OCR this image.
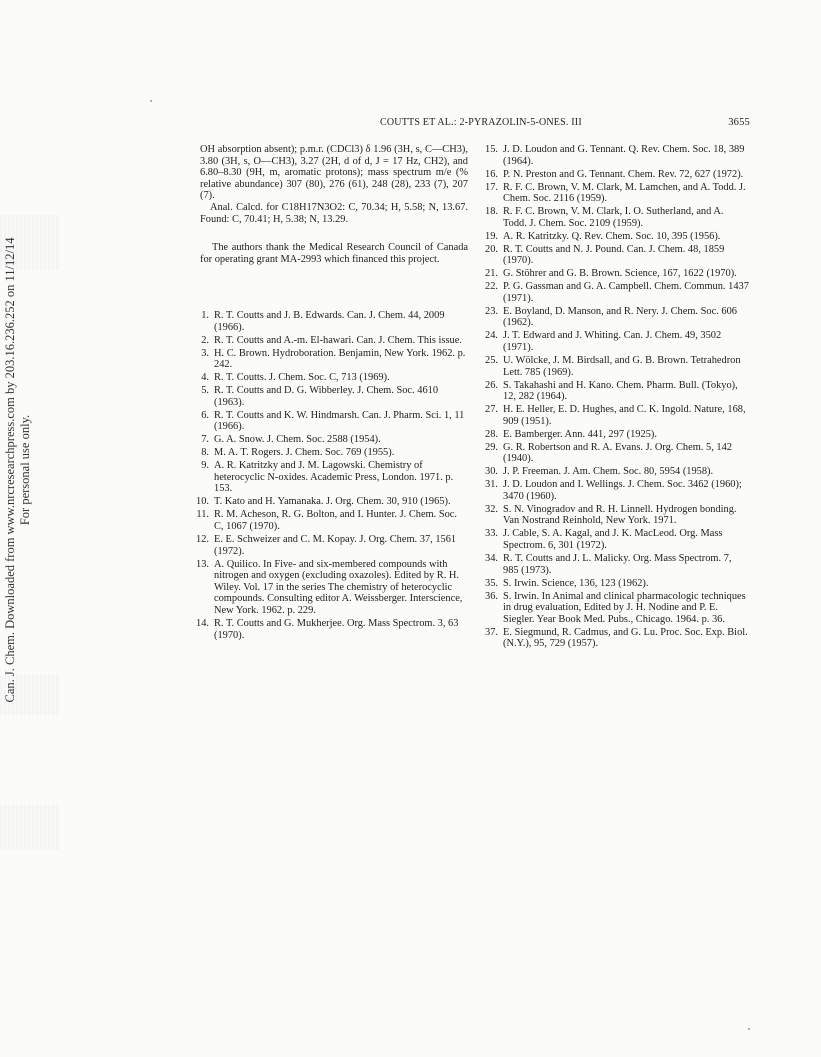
Can. J. Chem. Downloaded from www.nrcresearchpress.com by 203.16.236.252 on 11/12/14 For personal use only.
COUTTS ET AL.: 2-PYRAZOLIN-5-ONES. III	3655

OH absorption absent); p.m.r. (CDCl3) δ 1.96 (3H, s, C—CH3), 3.80 (3H, s, O—CH3), 3.27 (2H, d of d, J = 17 Hz, CH2), and 6.80–8.30 (9H, m, aromatic protons); mass spectrum m/e (% relative abundance) 307 (80), 276 (61), 248 (28), 233 (7), 207 (7).

Anal. Calcd. for C18H17N3O2: C, 70.34; H, 5.58; N, 13.67. Found: C, 70.41; H, 5.38; N, 13.29.

The authors thank the Medical Research Council of Canada for operating grant MA-2993 which financed this project.

1. R. T. Coutts and J. B. Edwards. Can. J. Chem. 44, 2009 (1966).
2. R. T. Coutts and A.-m. El-hawari. Can. J. Chem. This issue.
3. H. C. Brown. Hydroboration. Benjamin, New York. 1962. p. 242.
4. R. T. Coutts. J. Chem. Soc. C, 713 (1969).
5. R. T. Coutts and D. G. Wibberley. J. Chem. Soc. 4610 (1963).
6. R. T. Coutts and K. W. Hindmarsh. Can. J. Pharm. Sci. 1, 11 (1966).
7. G. A. Snow. J. Chem. Soc. 2588 (1954).
8. M. A. T. Rogers. J. Chem. Soc. 769 (1955).
9. A. R. Katritzky and J. M. Lagowski. Chemistry of heterocyclic N-oxides. Academic Press, London. 1971. p. 153.
10. T. Kato and H. Yamanaka. J. Org. Chem. 30, 910 (1965).
11. R. M. Acheson, R. G. Bolton, and I. Hunter. J. Chem. Soc. C, 1067 (1970).
12. E. E. Schweizer and C. M. Kopay. J. Org. Chem. 37, 1561 (1972).
13. A. Quilico. In Five- and six-membered compounds with nitrogen and oxygen (excluding oxazoles). Edited by R. H. Wiley. Vol. 17 in the series The chemistry of heterocyclic compounds. Consulting editor A. Weissberger. Interscience, New York. 1962. p. 229.
14. R. T. Coutts and G. Mukherjee. Org. Mass Spectrom. 3, 63 (1970).
15. J. D. Loudon and G. Tennant. Q. Rev. Chem. Soc. 18, 389 (1964).
16. P. N. Preston and G. Tennant. Chem. Rev. 72, 627 (1972).
17. R. F. C. Brown, V. M. Clark, M. Lamchen, and A. Todd. J. Chem. Soc. 2116 (1959).
18. R. F. C. Brown, V. M. Clark, I. O. Sutherland, and A. Todd. J. Chem. Soc. 2109 (1959).
19. A. R. Katritzky. Q. Rev. Chem. Soc. 10, 395 (1956).
20. R. T. Coutts and N. J. Pound. Can. J. Chem. 48, 1859 (1970).
21. G. Stöhrer and G. B. Brown. Science, 167, 1622 (1970).
22. P. G. Gassman and G. A. Campbell. Chem. Commun. 1437 (1971).
23. E. Boyland, D. Manson, and R. Nery. J. Chem. Soc. 606 (1962).
24. J. T. Edward and J. Whiting. Can. J. Chem. 49, 3502 (1971).
25. U. Wölcke, J. M. Birdsall, and G. B. Brown. Tetrahedron Lett. 785 (1969).
26. S. Takahashi and H. Kano. Chem. Pharm. Bull. (Tokyo), 12, 282 (1964).
27. H. E. Heller, E. D. Hughes, and C. K. Ingold. Nature, 168, 909 (1951).
28. E. Bamberger. Ann. 441, 297 (1925).
29. G. R. Robertson and R. A. Evans. J. Org. Chem. 5, 142 (1940).
30. J. P. Freeman. J. Am. Chem. Soc. 80, 5954 (1958).
31. J. D. Loudon and I. Wellings. J. Chem. Soc. 3462 (1960); 3470 (1960).
32. S. N. Vinogradov and R. H. Linnell. Hydrogen bonding. Van Nostrand Reinhold, New York. 1971.
33. J. Cable, S. A. Kagal, and J. K. MacLeod. Org. Mass Spectrom. 6, 301 (1972).
34. R. T. Coutts and J. L. Malicky. Org. Mass Spectrom. 7, 985 (1973).
35. S. Irwin. Science, 136, 123 (1962).
36. S. Irwin. In Animal and clinical pharmacologic techniques in drug evaluation, Edited by J. H. Nodine and P. E. Siegler. Year Book Med. Pubs., Chicago. 1964. p. 36.
37. E. Siegmund, R. Cadmus, and G. Lu. Proc. Soc. Exp. Biol. (N.Y.), 95, 729 (1957).
